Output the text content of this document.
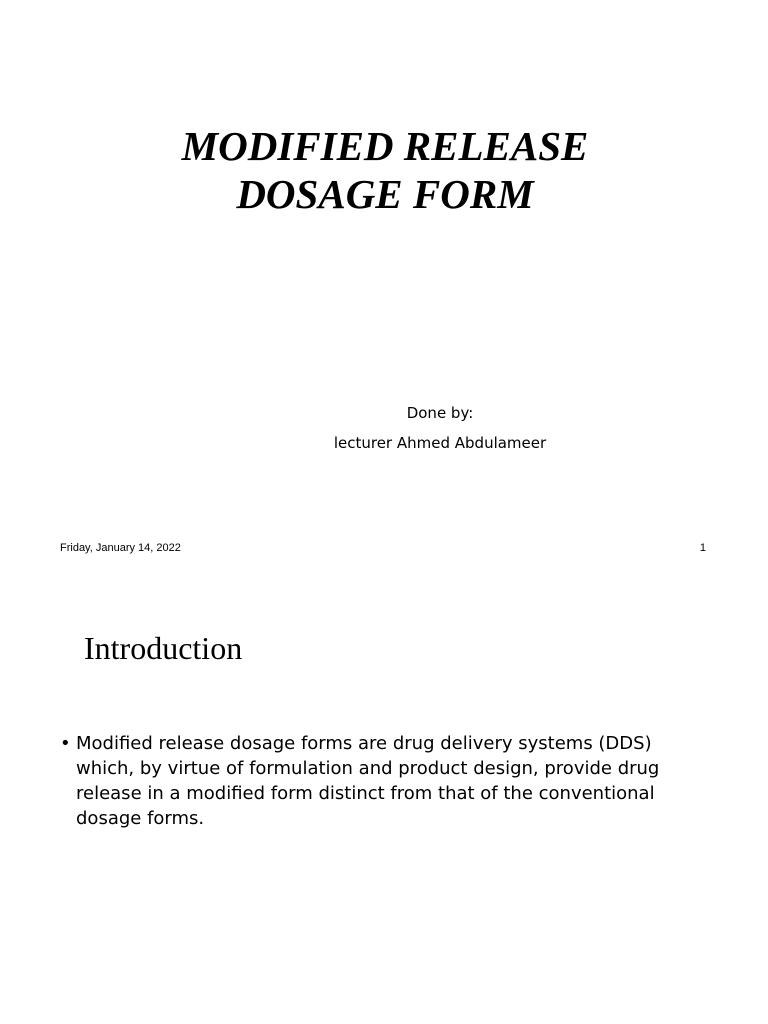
MODIFIED RELEASE
DOSAGE FORM
Done by:
lecturer Ahmed Abdulameer
Friday, January 14, 2022	1
Introduction
• Modified release dosage forms are drug delivery systems (DDS)
which, by virtue of formulation and product design, provide drug
release in a modified form distinct from that of the conventional
dosage forms.
